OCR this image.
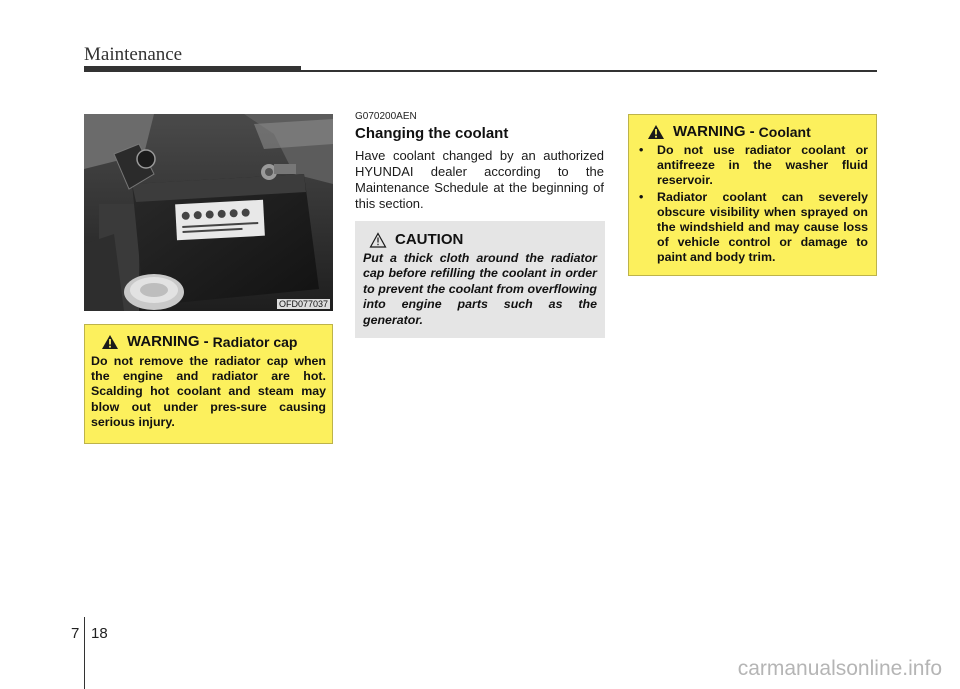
Maintenance
OFD077037
WARNING - Radiator cap
Do not remove the radiator cap when the engine and radiator are hot. Scalding hot coolant and steam may blow out under pres-sure causing serious injury.
G070200AEN
Changing the coolant
Have coolant changed by an authorized HYUNDAI dealer according to the Maintenance Schedule at the beginning of this section.
CAUTION
Put a thick cloth around the radiator cap before refilling the coolant in order to prevent the coolant from overflowing into engine parts such as the generator.
WARNING - Coolant
• Do not use radiator coolant or antifreeze in the washer fluid reservoir.
• Radiator coolant can severely obscure visibility when sprayed on the windshield and may cause loss of vehicle control or damage to paint and body trim.
7 18
carmanualsonline.info
